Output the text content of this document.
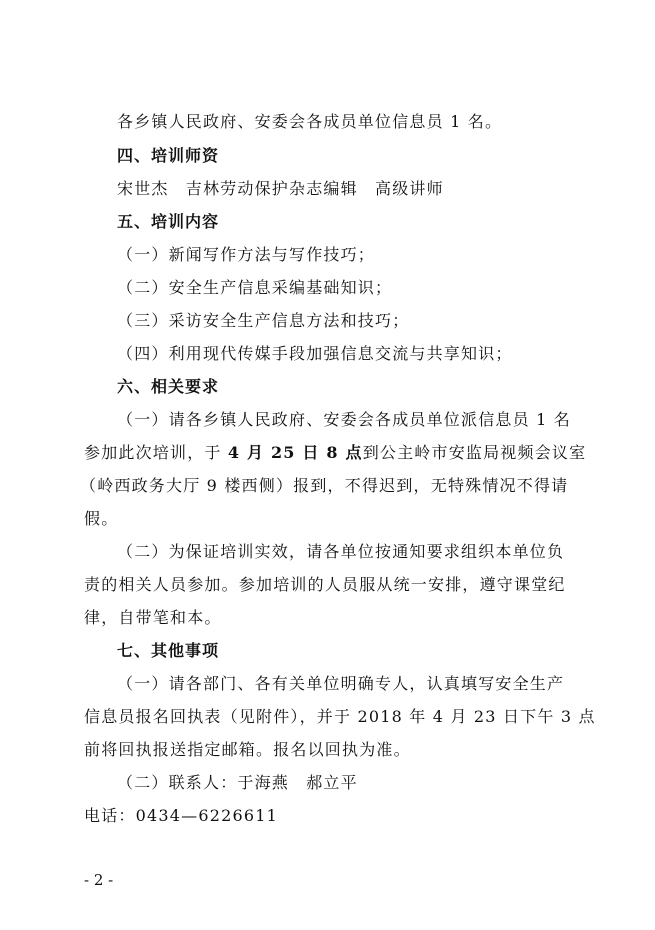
各乡镇人民政府、安委会各成员单位信息员 1 名。
四、培训师资
宋世杰　吉林劳动保护杂志编辑　高级讲师
五、培训内容
（一）新闻写作方法与写作技巧；
（二）安全生产信息采编基础知识；
（三）采访安全生产信息方法和技巧；
（四）利用现代传媒手段加强信息交流与共享知识；
六、相关要求
（一）请各乡镇人民政府、安委会各成员单位派信息员 1 名
参加此次培训，于 4 月 25 日 8 点到公主岭市安监局视频会议室
（岭西政务大厅 9 楼西侧）报到，不得迟到，无特殊情况不得请
假。
（二）为保证培训实效，请各单位按通知要求组织本单位负
责的相关人员参加。参加培训的人员服从统一安排，遵守课堂纪
律，自带笔和本。
七、其他事项
（一）请各部门、各有关单位明确专人，认真填写安全生产
信息员报名回执表（见附件），并于 2018 年 4 月 23 日下午 3 点
前将回执报送指定邮箱。报名以回执为准。
（二）联系人：于海燕　郝立平
电话：0434—6226611
- 2 -
